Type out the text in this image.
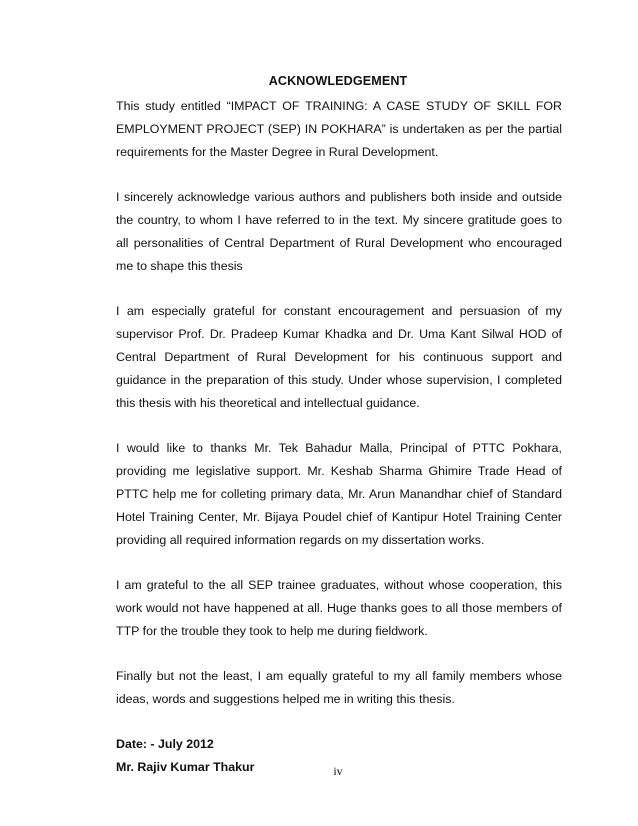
ACKNOWLEDGEMENT

This study entitled “IMPACT OF TRAINING: A CASE STUDY OF SKILL FOR EMPLOYMENT PROJECT (SEP) IN POKHARA” is undertaken as per the partial requirements for the Master Degree in Rural Development.

I sincerely acknowledge various authors and publishers both inside and outside the country, to whom I have referred to in the text. My sincere gratitude goes to all personalities of Central Department of Rural Development who encouraged me to shape this thesis

I am especially grateful for constant encouragement and persuasion of my supervisor Prof. Dr. Pradeep Kumar Khadka and Dr. Uma Kant Silwal HOD of Central Department of Rural Development for his continuous support and guidance in the preparation of this study. Under whose supervision, I completed this thesis with his theoretical and intellectual guidance.

I would like to thanks Mr. Tek Bahadur Malla, Principal of PTTC Pokhara, providing me legislative support. Mr. Keshab Sharma Ghimire Trade Head of PTTC help me for colleting primary data, Mr. Arun Manandhar chief of Standard Hotel Training Center, Mr. Bijaya Poudel chief of Kantipur Hotel Training Center providing all required information regards on my dissertation works.

I am grateful to the all SEP trainee graduates, without whose cooperation, this work would not have happened at all. Huge thanks goes to all those members of TTP for the trouble they took to help me during fieldwork.

Finally but not the least, I am equally grateful to my all family members whose ideas, words and suggestions helped me in writing this thesis.

Date: - July 2012

Mr. Rajiv Kumar Thakur	iv
